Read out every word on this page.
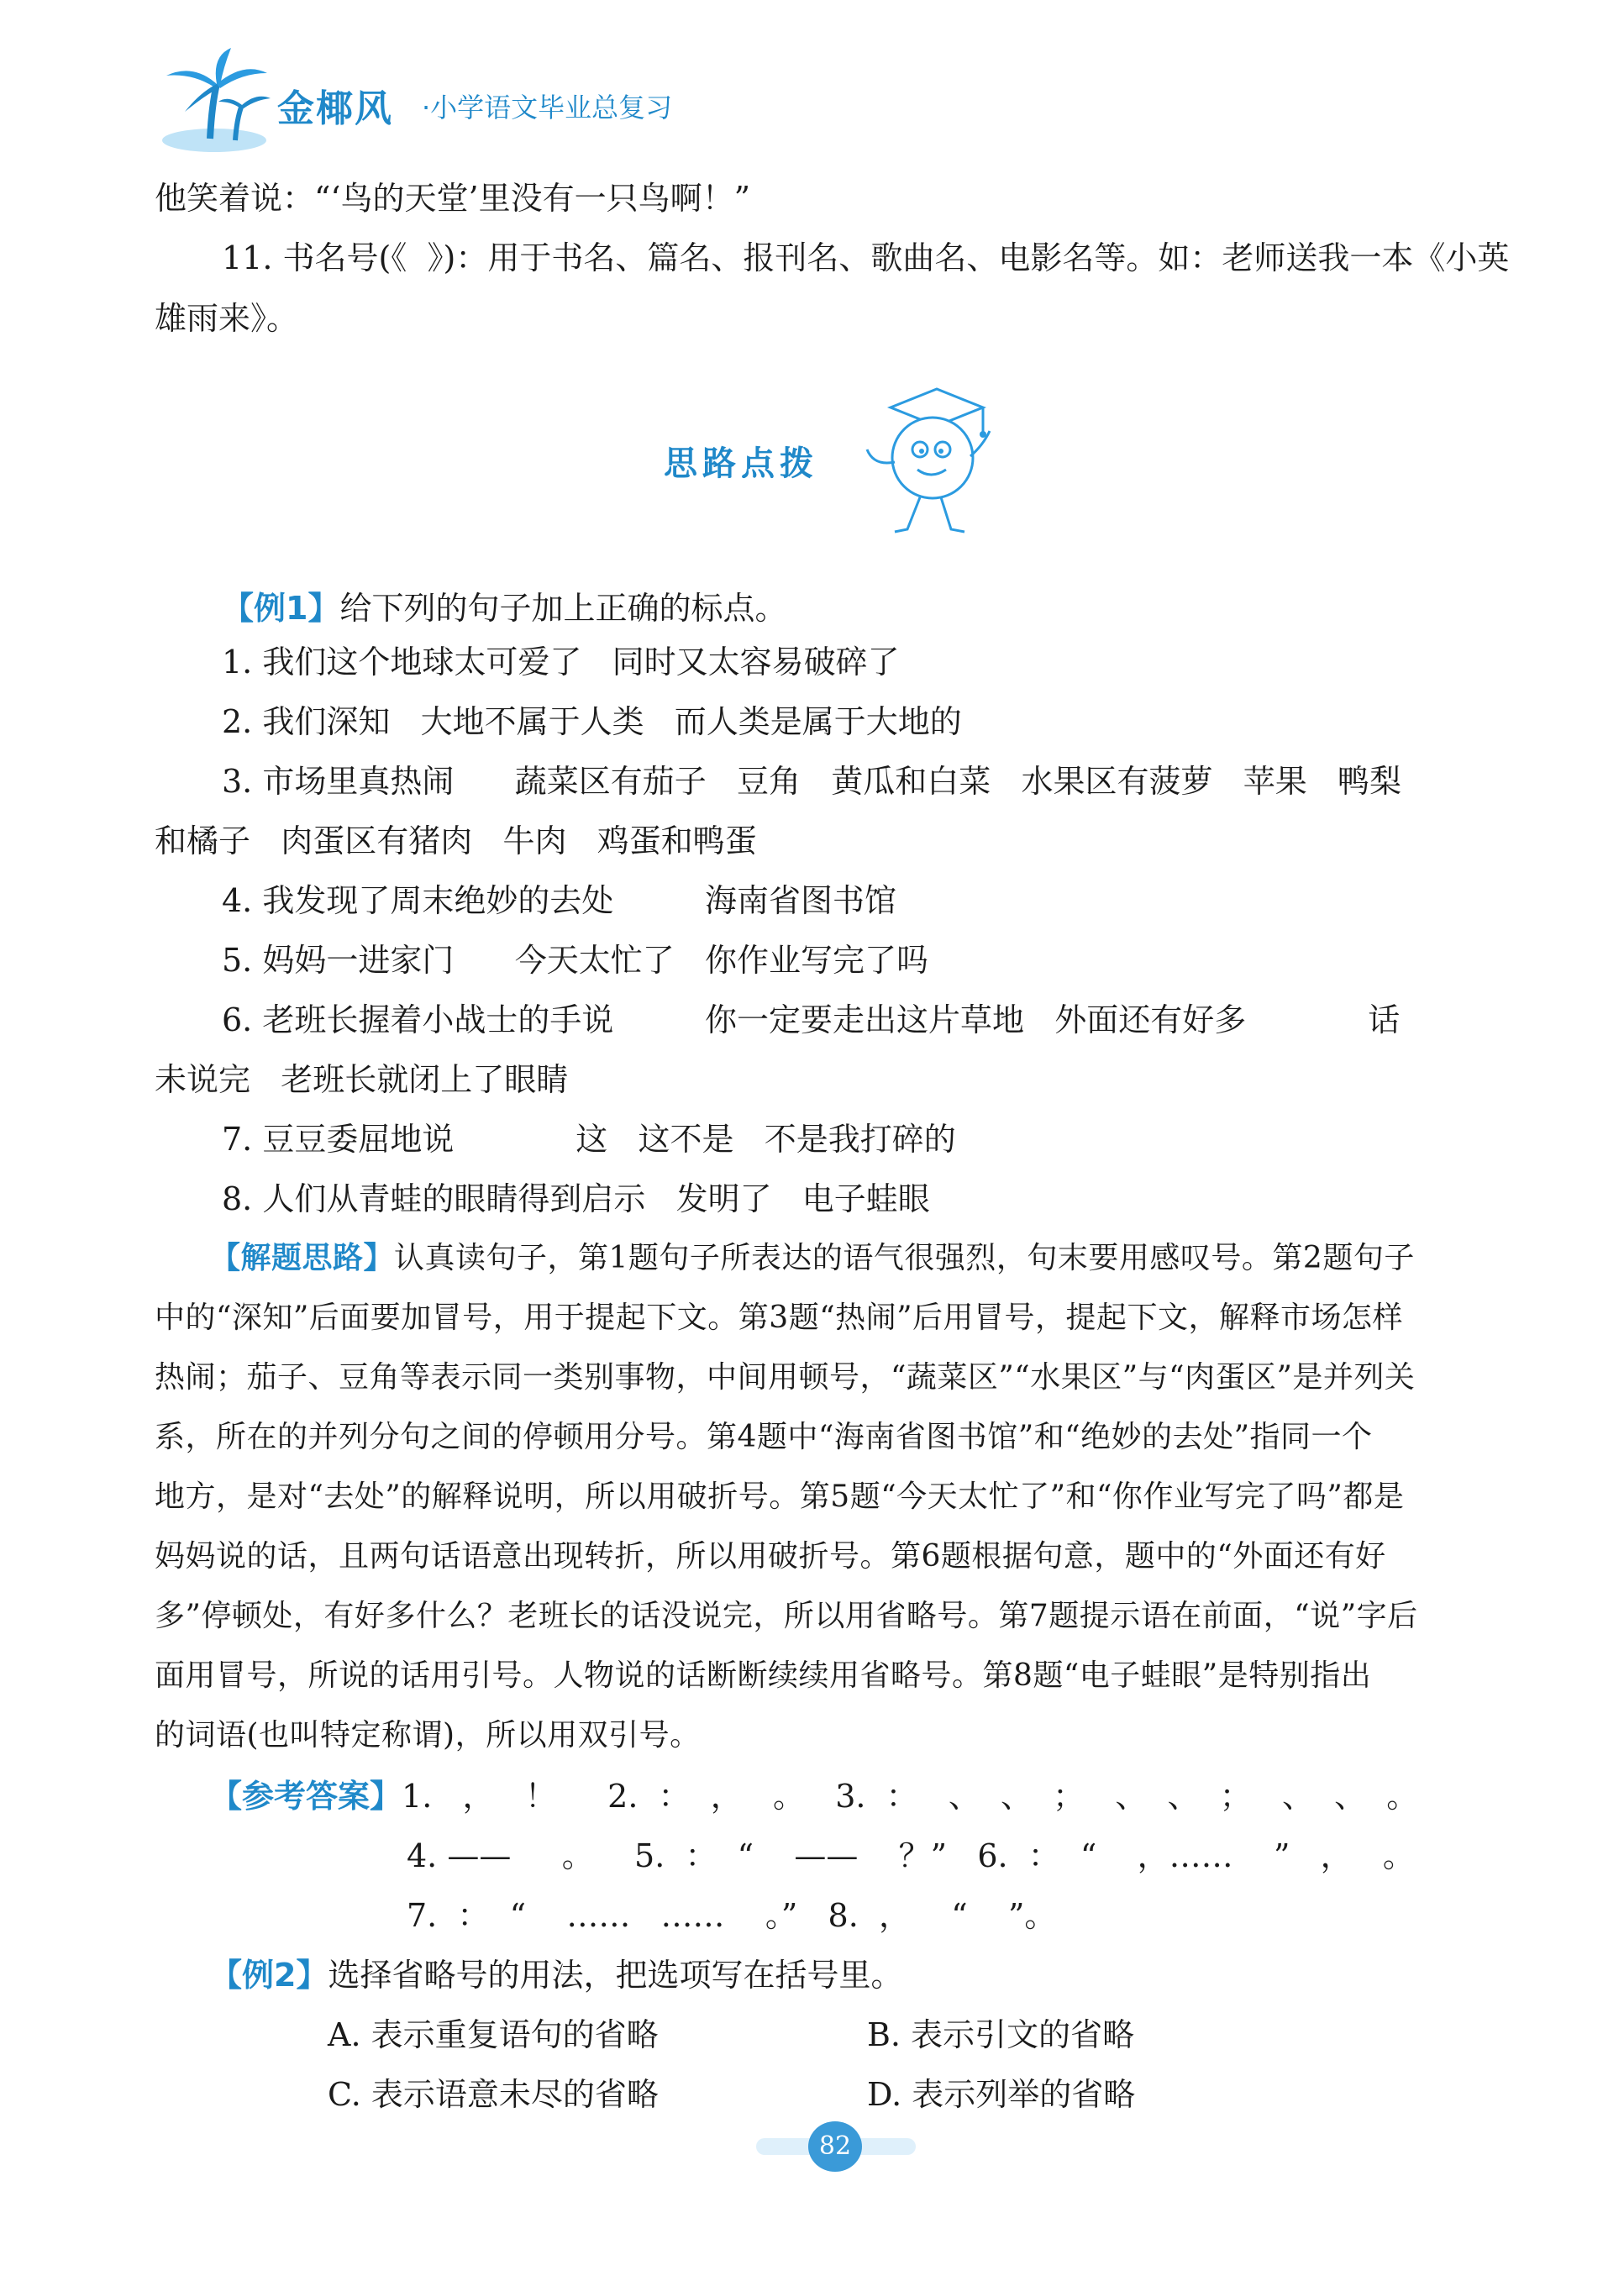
金椰风 ·小学语文毕业总复习
他笑着说：“‘鸟的天堂’里没有一只鸟啊！”
11. 书名号(《  》)：用于书名、篇名、报刊名、歌曲名、电影名等。如：老师送我一本《小英
雄雨来》。
思路点拨
【例1】给下列的句子加上正确的标点。
1. 我们这个地球太可爱了   同时又太容易破碎了
2. 我们深知   大地不属于人类   而人类是属于大地的
3. 市场里真热闹      蔬菜区有茄子   豆角   黄瓜和白菜   水果区有菠萝   苹果   鸭梨
和橘子   肉蛋区有猪肉   牛肉   鸡蛋和鸭蛋
4. 我发现了周末绝妙的去处         海南省图书馆
5. 妈妈一进家门      今天太忙了   你作业写完了吗
6. 老班长握着小战士的手说         你一定要走出这片草地   外面还有好多            话
未说完   老班长就闭上了眼睛
7. 豆豆委屈地说            这   这不是   不是我打碎的
8. 人们从青蛙的眼睛得到启示   发明了   电子蛙眼
【解题思路】认真读句子，第1题句子所表达的语气很强烈，句末要用感叹号。第2题句子
中的“深知”后面要加冒号，用于提起下文。第3题“热闹”后用冒号，提起下文，解释市场怎样
热闹；茄子、豆角等表示同一类别事物，中间用顿号，“蔬菜区”“水果区”与“肉蛋区”是并列关
系，所在的并列分句之间的停顿用分号。第4题中“海南省图书馆”和“绝妙的去处”指同一个
地方，是对“去处”的解释说明，所以用破折号。第5题“今天太忙了”和“你作业写完了吗”都是
妈妈说的话，且两句话语意出现转折，所以用破折号。第6题根据句意，题中的“外面还有好
多”停顿处，有好多什么？老班长的话没说完，所以用省略号。第7题提示语在前面，“说”字后
面用冒号，所说的话用引号。人物说的话断断续续用省略号。第8题“电子蛙眼”是特别指出
的词语(也叫特定称谓)，所以用双引号。
【参考答案】1.   ，   ！     2.  ：  ，   。   3.  ：   、  、  ；   、  、  ；   、  、  。
4. ——     。    5.  ：  “    ——    ？”   6.  ：  “    ，……    ”   ，   。
7.  ：  “    ……   ……    。”   8.  ，    “    ”。
【例2】选择省略号的用法，把选项写在括号里。
A. 表示重复语句的省略	B. 表示引文的省略
C. 表示语意未尽的省略	D. 表示列举的省略
82
